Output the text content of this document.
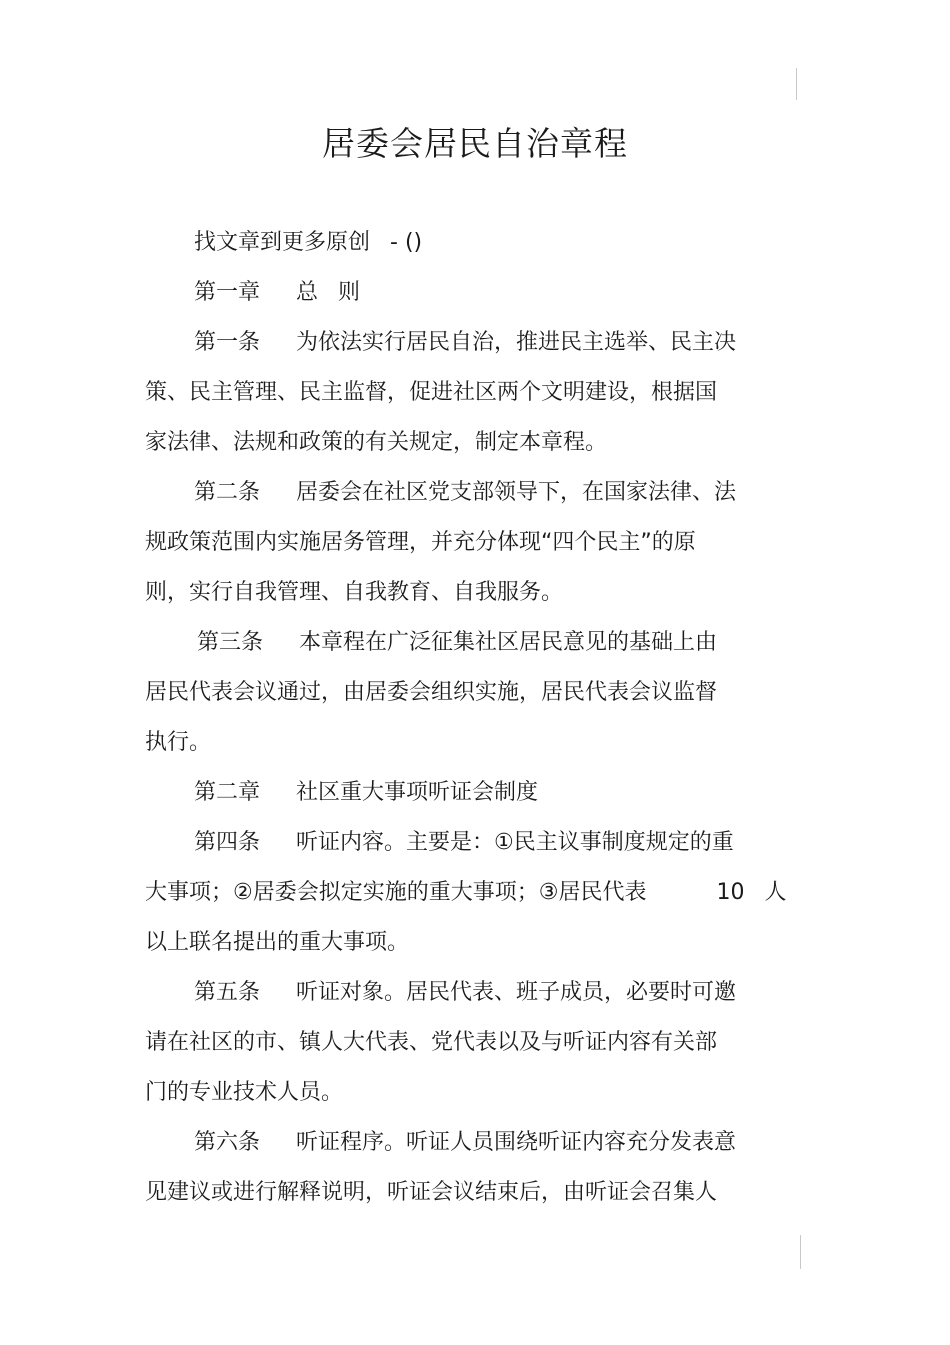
居委会居民自治章程
找文章到更多原创 - ()
第一章 总 则
第一条 为依法实行居民自治，推进民主选举、民主决
策、民主管理、民主监督，促进社区两个文明建设，根据国
家法律、法规和政策的有关规定，制定本章程。
第二条 居委会在社区党支部领导下，在国家法律、法
规政策范围内实施居务管理，并充分体现“四个民主”的原
则，实行自我管理、自我教育、自我服务。
第三条 本章程在广泛征集社区居民意见的基础上由
居民代表会议通过，由居委会组织实施，居民代表会议监督
执行。
第二章 社区重大事项听证会制度
第四条 听证内容。主要是：①民主议事制度规定的重
大事项；②居委会拟定实施的重大事项；③居民代表	10 人
以上联名提出的重大事项。
第五条 听证对象。居民代表、班子成员，必要时可邀
请在社区的市、镇人大代表、党代表以及与听证内容有关部
门的专业技术人员。
第六条 听证程序。听证人员围绕听证内容充分发表意
见建议或进行解释说明，听证会议结束后，由听证会召集人
